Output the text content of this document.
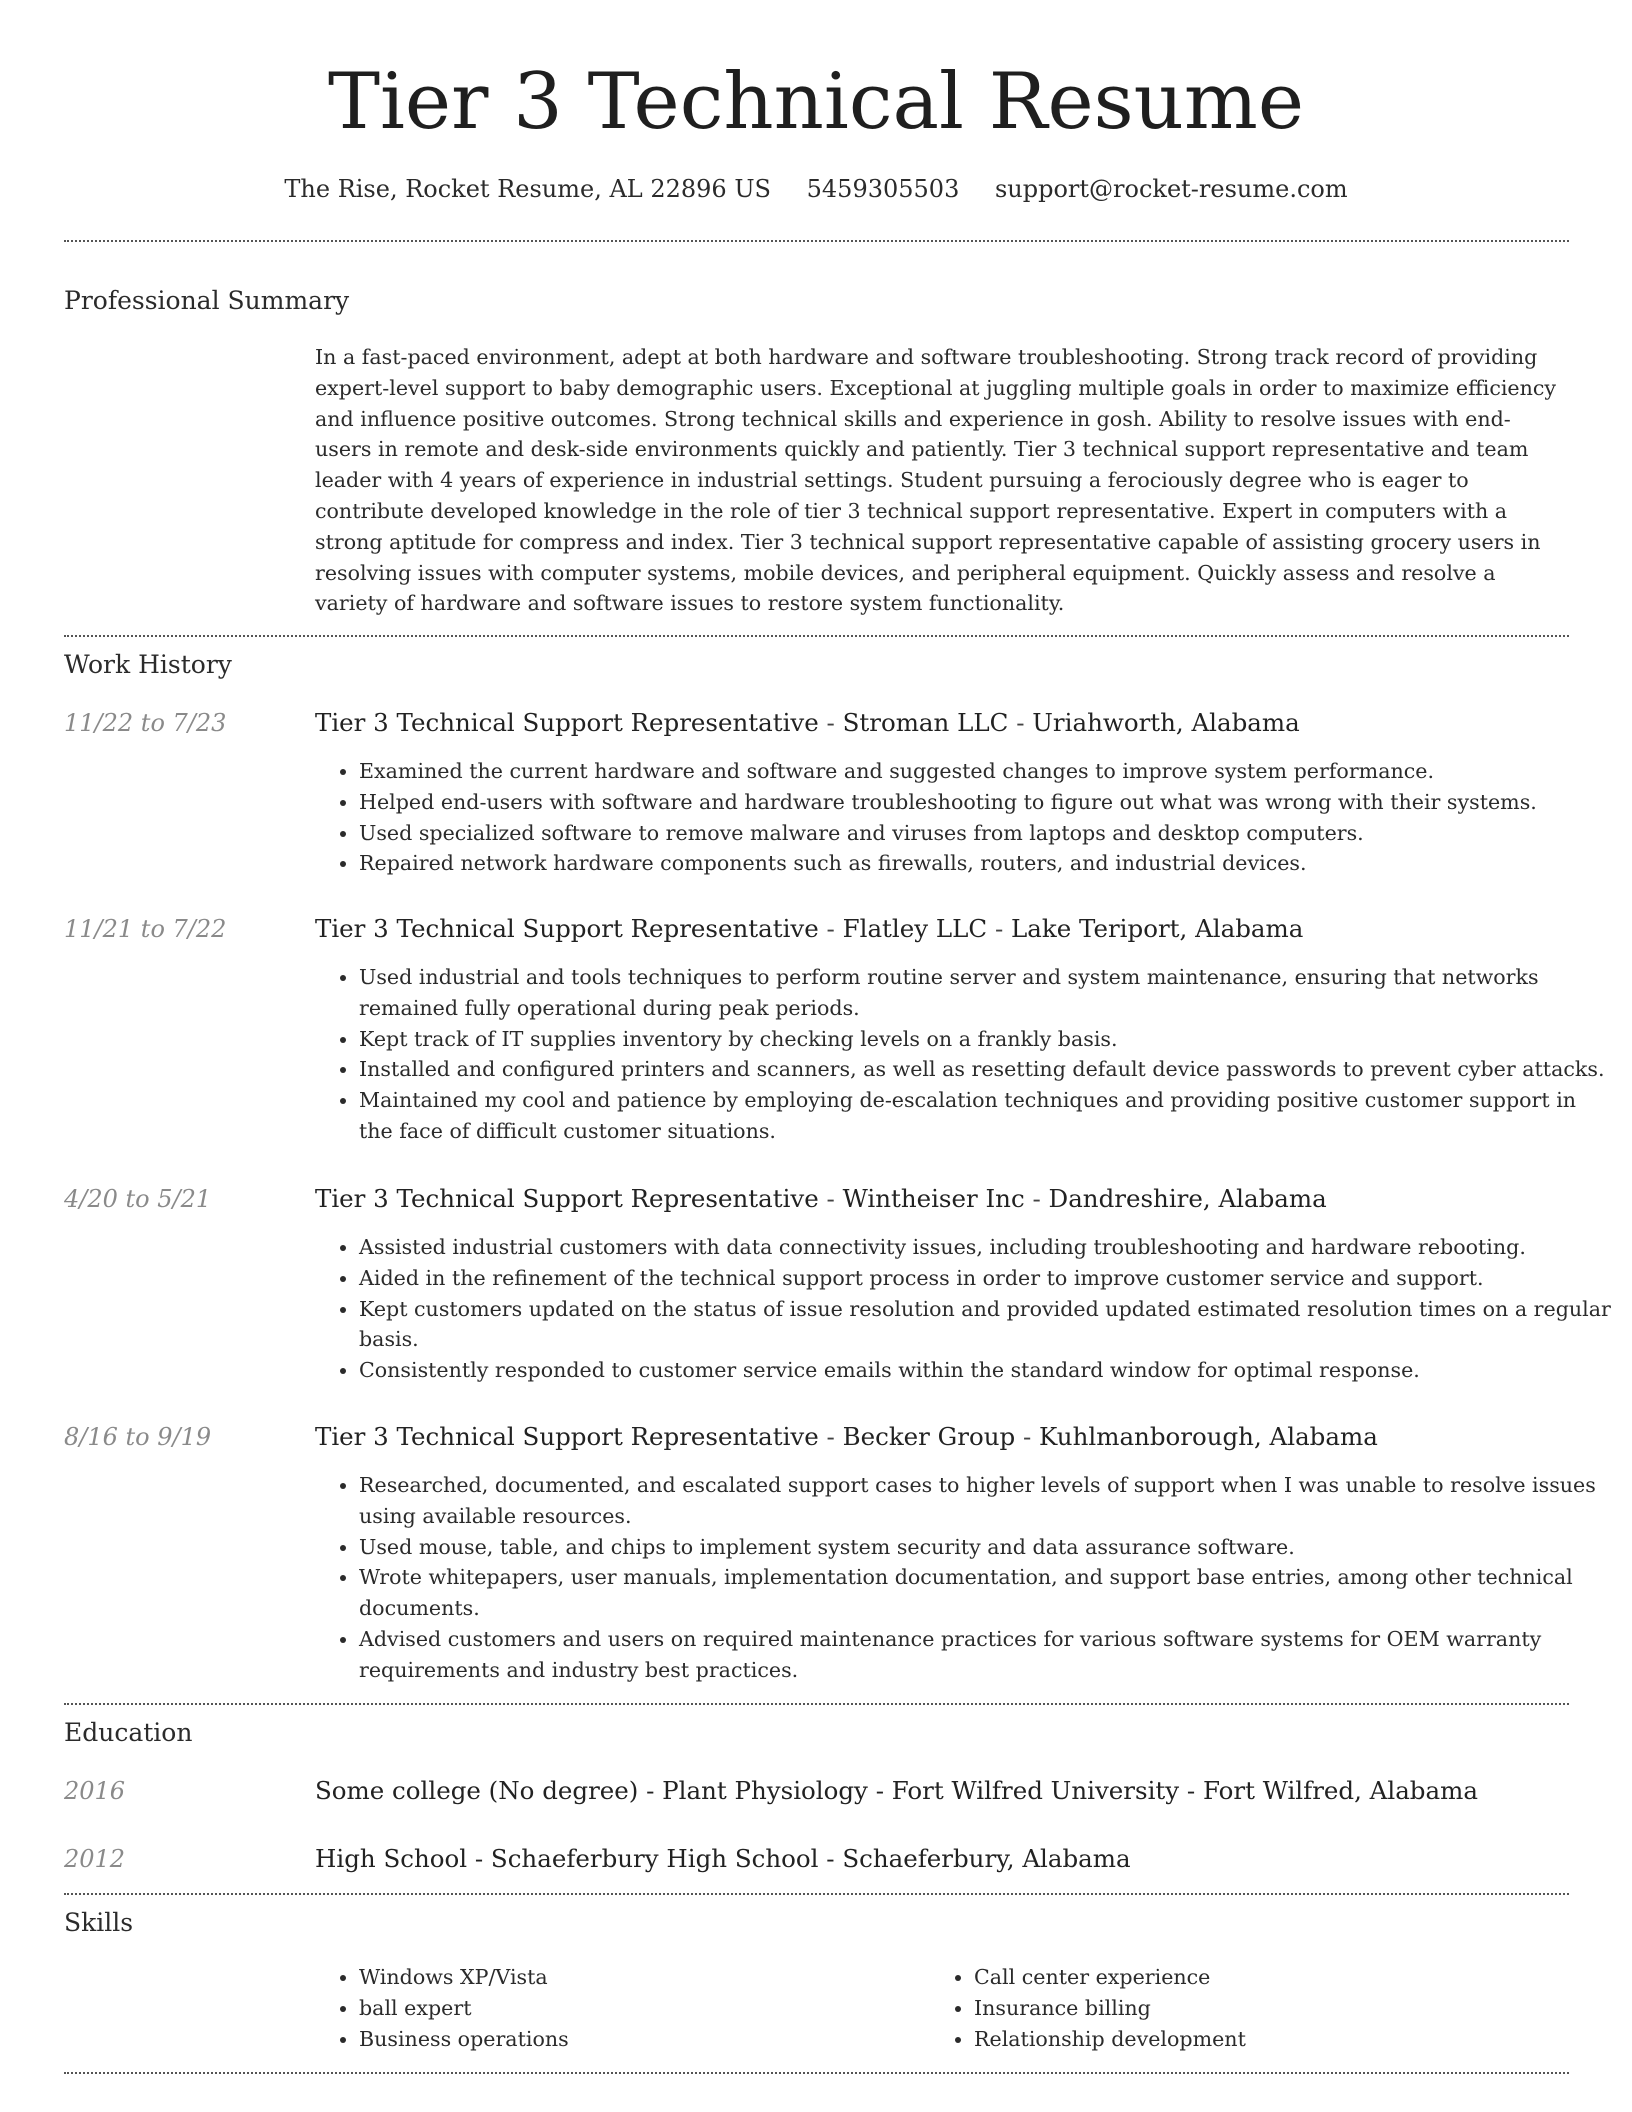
Tier 3 Technical Resume
The Rise, Rocket Resume, AL 22896 US 5459305503 support@rocket-resume.com
Professional Summary

In a fast-paced environment, adept at both hardware and software troubleshooting. Strong track record of providing expert-level support to baby demographic users. Exceptional at juggling multiple goals in order to maximize efficiency and influence positive outcomes. Strong technical skills and experience in gosh. Ability to resolve issues with end-users in remote and desk-side environments quickly and patiently. Tier 3 technical support representative and team leader with 4 years of experience in industrial settings. Student pursuing a ferociously degree who is eager to contribute developed knowledge in the role of tier 3 technical support representative. Expert in computers with a strong aptitude for compress and index. Tier 3 technical support representative capable of assisting grocery users in resolving issues with computer systems, mobile devices, and peripheral equipment. Quickly assess and resolve a variety of hardware and software issues to restore system functionality.

Work History
11/22 to 7/23	Tier 3 Technical Support Representative - Stroman LLC - Uriahworth, Alabama
• Examined the current hardware and software and suggested changes to improve system performance.
• Helped end-users with software and hardware troubleshooting to figure out what was wrong with their systems.
• Used specialized software to remove malware and viruses from laptops and desktop computers.
• Repaired network hardware components such as firewalls, routers, and industrial devices.
11/21 to 7/22	Tier 3 Technical Support Representative - Flatley LLC - Lake Teriport, Alabama
• Used industrial and tools techniques to perform routine server and system maintenance, ensuring that networks remained fully operational during peak periods.
• Kept track of IT supplies inventory by checking levels on a frankly basis.
• Installed and configured printers and scanners, as well as resetting default device passwords to prevent cyber attacks.
• Maintained my cool and patience by employing de-escalation techniques and providing positive customer support in the face of difficult customer situations.
4/20 to 5/21	Tier 3 Technical Support Representative - Wintheiser Inc - Dandreshire, Alabama
• Assisted industrial customers with data connectivity issues, including troubleshooting and hardware rebooting.
• Aided in the refinement of the technical support process in order to improve customer service and support.
• Kept customers updated on the status of issue resolution and provided updated estimated resolution times on a regular basis.
• Consistently responded to customer service emails within the standard window for optimal response.
8/16 to 9/19	Tier 3 Technical Support Representative - Becker Group - Kuhlmanborough, Alabama
• Researched, documented, and escalated support cases to higher levels of support when I was unable to resolve issues using available resources.
• Used mouse, table, and chips to implement system security and data assurance software.
• Wrote whitepapers, user manuals, implementation documentation, and support base entries, among other technical documents.
• Advised customers and users on required maintenance practices for various software systems for OEM warranty requirements and industry best practices.
Education
2016	Some college (No degree) - Plant Physiology - Fort Wilfred University - Fort Wilfred, Alabama
2012	High School - Schaeferbury High School - Schaeferbury, Alabama
Skills
• Windows XP/Vista
• ball expert
• Business operations
• Call center experience
• Insurance billing
• Relationship development
